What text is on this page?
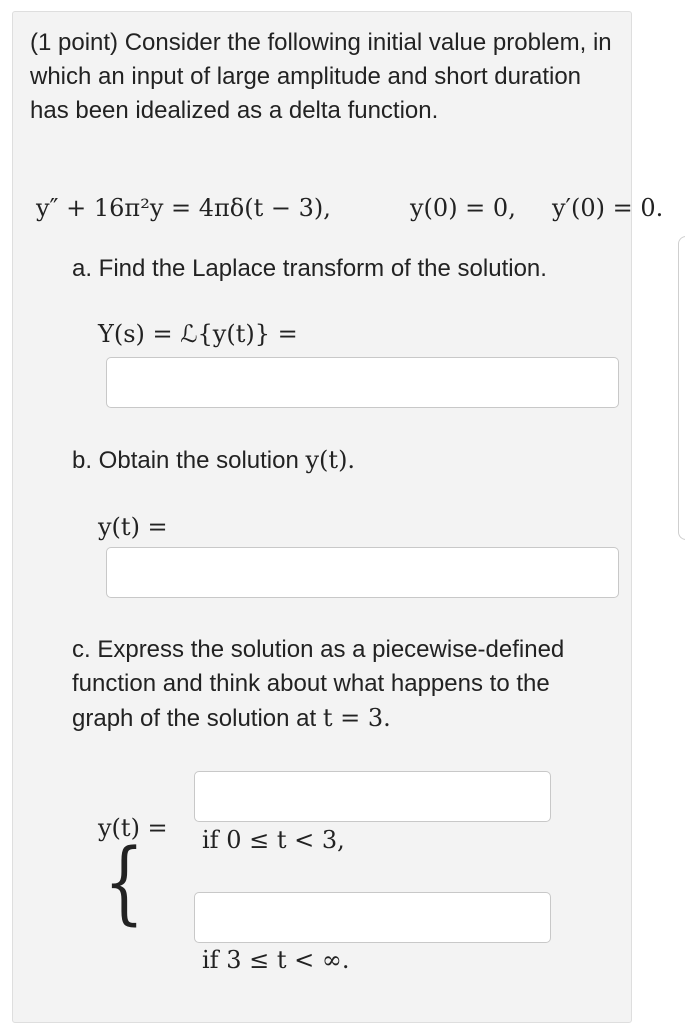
(1 point) Consider the following initial value problem, in which an input of large amplitude and short duration has been idealized as a delta function.
y″ + 16π²y = 4πδ(t − 3),	y(0) = 0, y′(0) = 0.
a. Find the Laplace transform of the solution.
Y(s) = ℒ{y(t)} =
b. Obtain the solution y(t).
y(t) =
c. Express the solution as a piecewise-defined function and think about what happens to the graph of the solution at t = 3.
y(t) =
{ if 0 ≤ t < 3,
if 3 ≤ t < ∞.
